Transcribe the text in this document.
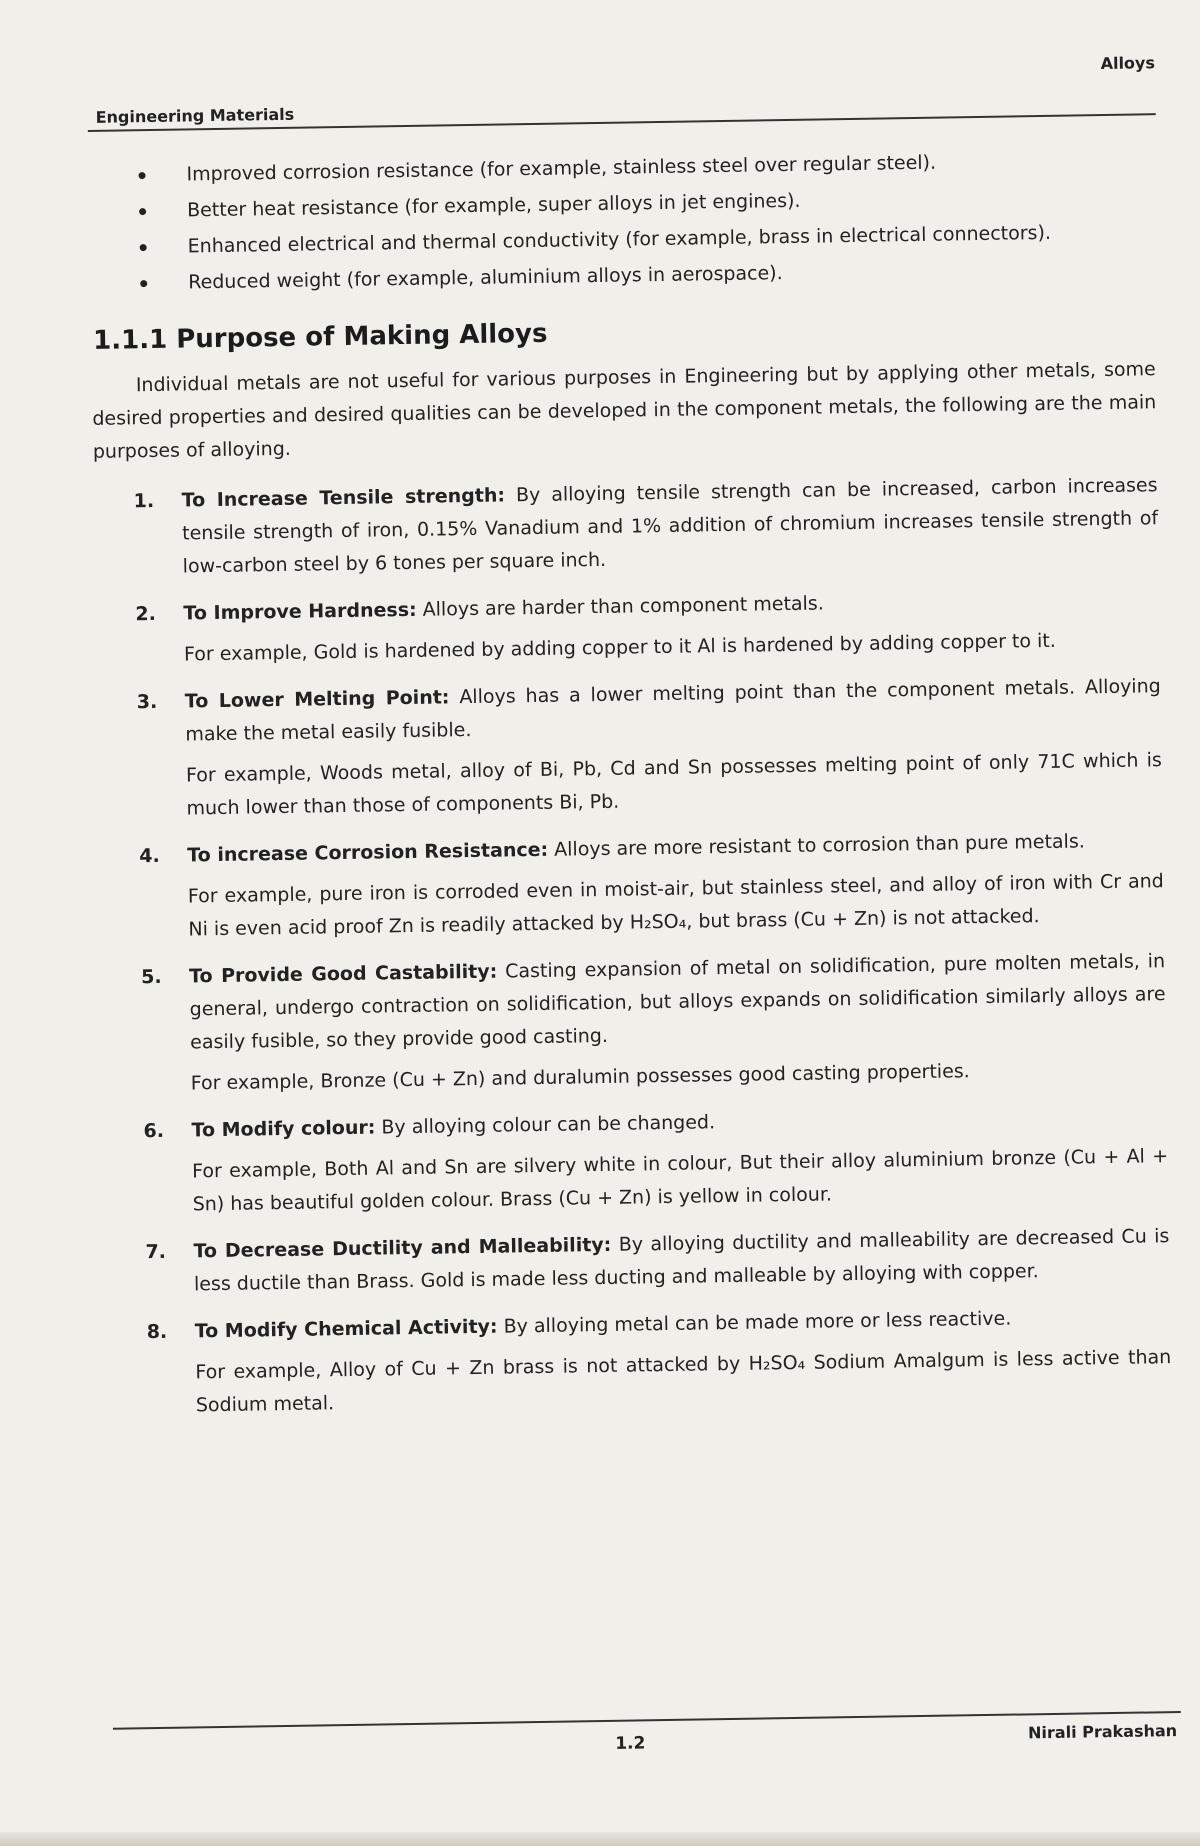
Alloys
Engineering Materials
Improved corrosion resistance (for example, stainless steel over regular steel).
Better heat resistance (for example, super alloys in jet engines).
Enhanced electrical and thermal conductivity (for example, brass in electrical connectors).
Reduced weight (for example, aluminium alloys in aerospace).
1.1.1 Purpose of Making Alloys

Individual metals are not useful for various purposes in Engineering but by applying other metals, some desired properties and desired qualities can be developed in the component metals, the following are the main purposes of alloying.

1. To Increase Tensile strength: By alloying tensile strength can be increased, carbon increases tensile strength of iron, 0.15% Vanadium and 1% addition of chromium increases tensile strength of low-carbon steel by 6 tones per square inch.

2. To Improve Hardness: Alloys are harder than component metals.

For example, Gold is hardened by adding copper to it Al is hardened by adding copper to it.

3. To Lower Melting Point: Alloys has a lower melting point than the component metals. Alloying make the metal easily fusible.

For example, Woods metal, alloy of Bi, Pb, Cd and Sn possesses melting point of only 71C which is much lower than those of components Bi, Pb.

4. To increase Corrosion Resistance: Alloys are more resistant to corrosion than pure metals.

For example, pure iron is corroded even in moist-air, but stainless steel, and alloy of iron with Cr and Ni is even acid proof Zn is readily attacked by H₂SO₄, but brass (Cu + Zn) is not attacked.

5. To Provide Good Castability: Casting expansion of metal on solidification, pure molten metals, in general, undergo contraction on solidification, but alloys expands on solidification similarly alloys are easily fusible, so they provide good casting.

For example, Bronze (Cu + Zn) and duralumin possesses good casting properties.

6. To Modify colour: By alloying colour can be changed.

For example, Both Al and Sn are silvery white in colour, But their alloy aluminium bronze (Cu + Al + Sn) has beautiful golden colour. Brass (Cu + Zn) is yellow in colour.

7. To Decrease Ductility and Malleability: By alloying ductility and malleability are decreased Cu is less ductile than Brass. Gold is made less ducting and malleable by alloying with copper.

8. To Modify Chemical Activity: By alloying metal can be made more or less reactive.

For example, Alloy of Cu + Zn brass is not attacked by H₂SO₄ Sodium Amalgum is less active than Sodium metal.

1.2
Nirali Prakashan
